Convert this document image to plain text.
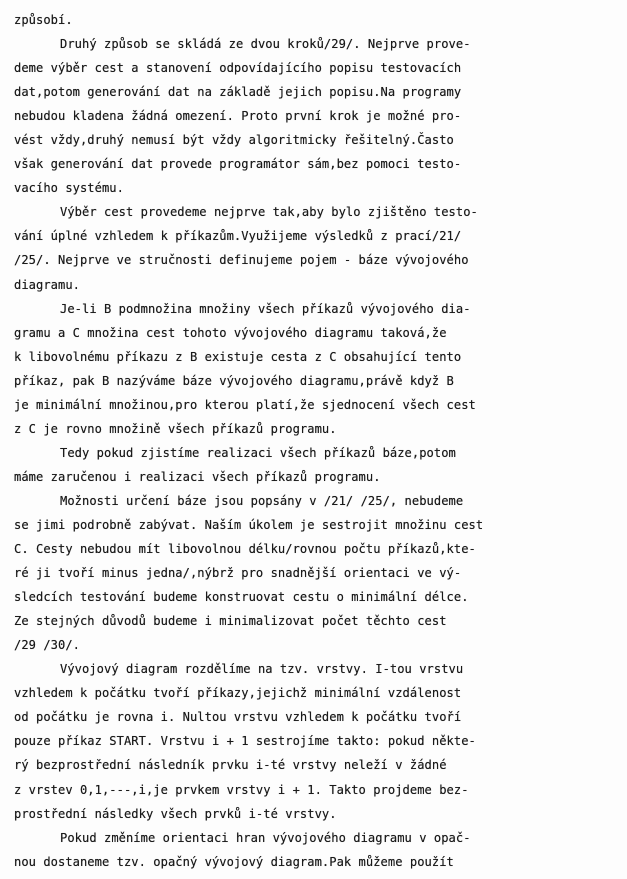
způsobí.
Druhý způsob se skládá ze dvou kroků/29/. Nejprve prove-
deme výběr cest a stanovení odpovídajícího popisu testovacích
dat,potom generování dat na základě jejich popisu.Na programy
nebudou kladena žádná omezení. Proto první krok je možné pro-
vést vždy,druhý nemusí být vždy algoritmicky řešitelný.Často
však generování dat provede programátor sám,bez pomoci testo-
vacího systému.
Výběr cest provedeme nejprve tak,aby bylo zjištěno testo-
vání úplné vzhledem k příkazům.Využijeme výsledků z prací/21/
/25/. Nejprve ve stručnosti definujeme pojem - báze vývojového
diagramu.
Je-li B podmnožina množiny všech příkazů vývojového dia-
gramu a C množina cest tohoto vývojového diagramu taková,že
k libovolnému příkazu z B existuje cesta z C obsahující tento
příkaz, pak B nazýváme báze vývojového diagramu,právě když B
je minimální množinou,pro kterou platí,že sjednocení všech cest
z C je rovno množině všech příkazů programu.
Tedy pokud zjistíme realizaci všech příkazů báze,potom
máme zaručenou i realizaci všech příkazů programu.
Možnosti určení báze jsou popsány v /21/ /25/, nebudeme
se jimi podrobně zabývat. Naším úkolem je sestrojit množinu cest
C. Cesty nebudou mít libovolnou délku/rovnou počtu příkazů,kte-
ré ji tvoří minus jedna/,nýbrž pro snadnější orientaci ve vý-
sledcích testování budeme konstruovat cestu o minimální délce.
Ze stejných důvodů budeme i minimalizovat počet těchto cest
/29 /30/.
Vývojový diagram rozdělíme na tzv. vrstvy. I-tou vrstvu
vzhledem k počátku tvoří příkazy,jejichž minimální vzdálenost
od počátku je rovna i. Nultou vrstvu vzhledem k počátku tvoří
pouze příkaz START. Vrstvu i + 1 sestrojíme takto: pokud někte-
rý bezprostřední následník prvku i-té vrstvy neleží v žádné
z vrstev 0,1,---,i,je prvkem vrstvy i + 1. Takto projdeme bez-
prostřední následky všech prvků i-té vrstvy.
Pokud změníme orientaci hran vývojového diagramu v opač-
nou dostaneme tzv. opačný vývojový diagram.Pak můžeme použít
